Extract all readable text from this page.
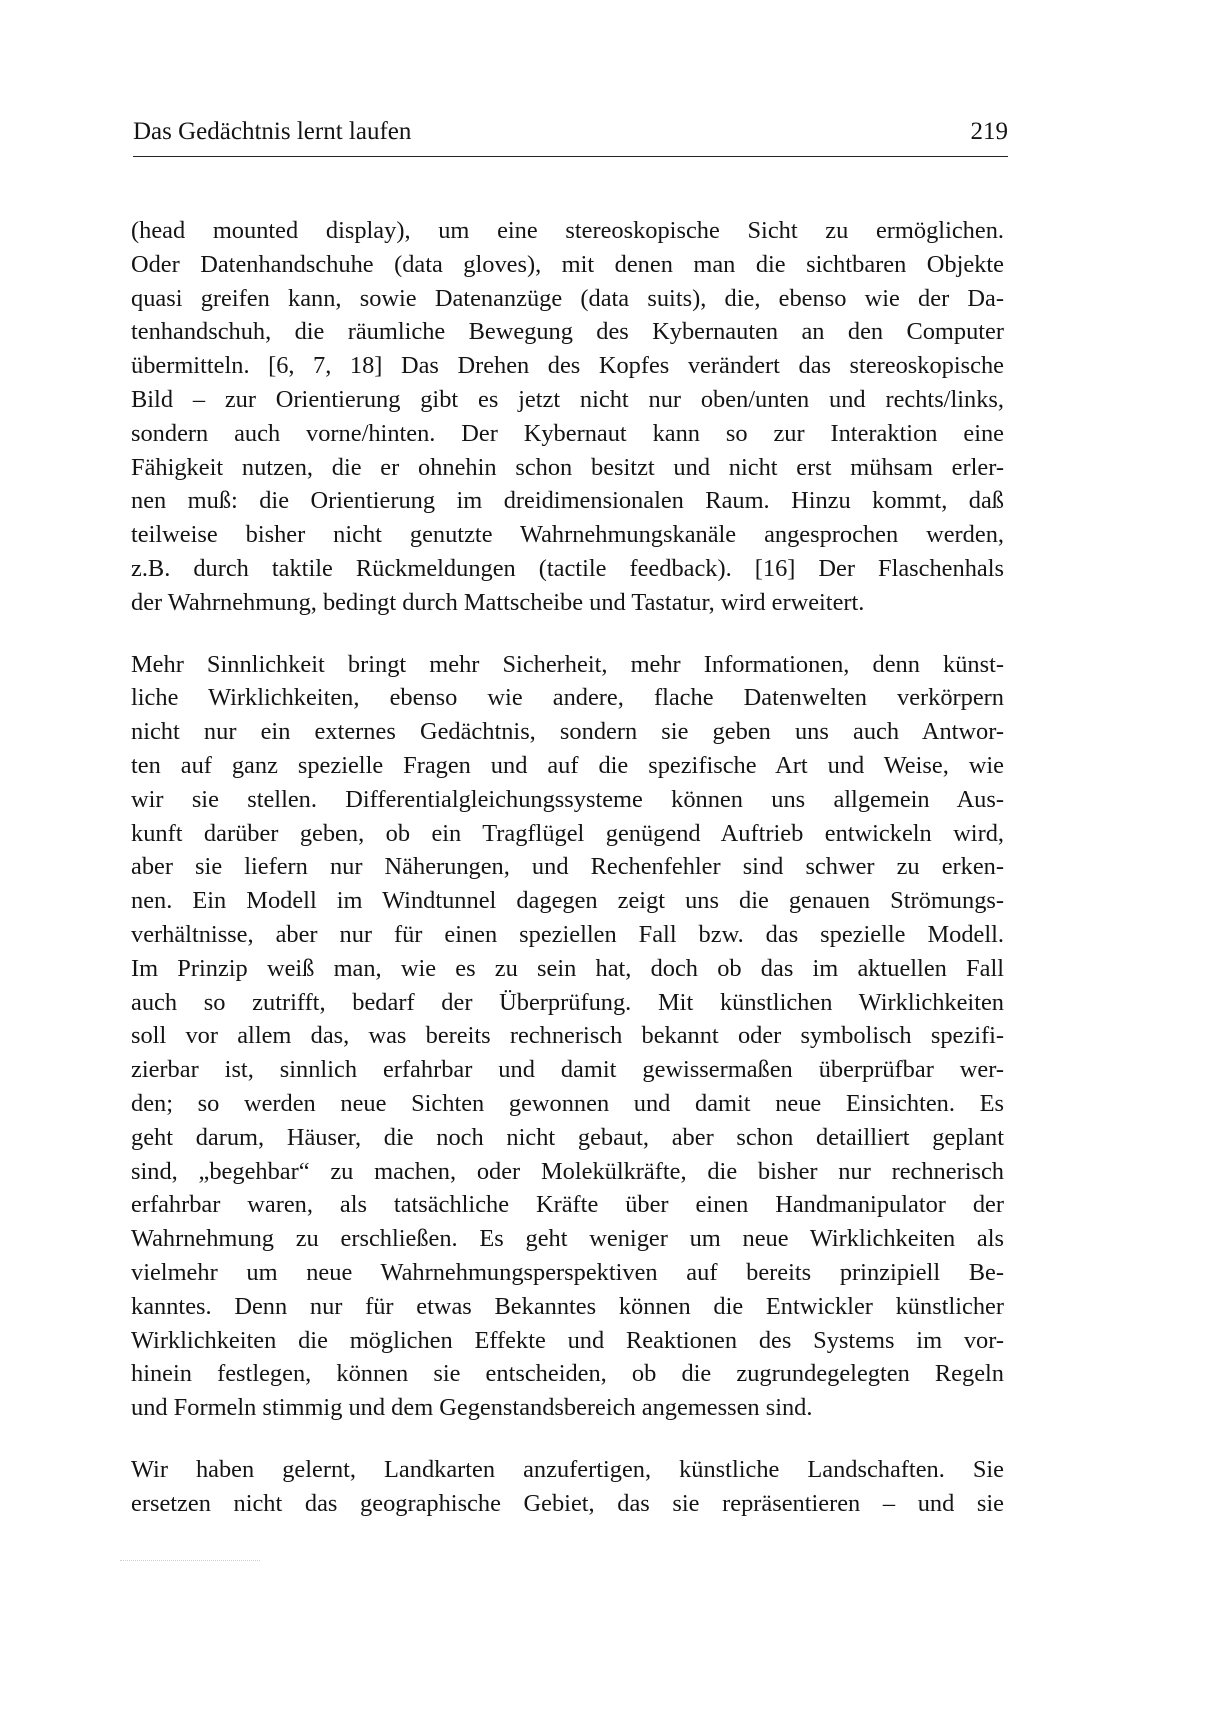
Das Gedächtnis lernt laufen	219
(head mounted display), um eine stereoskopische Sicht zu ermöglichen.
Oder Datenhandschuhe (data gloves), mit denen man die sichtbaren Objekte
quasi greifen kann, sowie Datenanzüge (data suits), die, ebenso wie der Da-
tenhandschuh, die räumliche Bewegung des Kybernauten an den Computer
übermitteln. [6, 7, 18] Das Drehen des Kopfes verändert das stereoskopische
Bild – zur Orientierung gibt es jetzt nicht nur oben/unten und rechts/links,
sondern auch vorne/hinten. Der Kybernaut kann so zur Interaktion eine
Fähigkeit nutzen, die er ohnehin schon besitzt und nicht erst mühsam erler-
nen muß: die Orientierung im dreidimensionalen Raum. Hinzu kommt, daß
teilweise bisher nicht genutzte Wahrnehmungskanäle angesprochen werden,
z.B. durch taktile Rückmeldungen (tactile feedback). [16] Der Flaschenhals
der Wahrnehmung, bedingt durch Mattscheibe und Tastatur, wird erweitert.
Mehr Sinnlichkeit bringt mehr Sicherheit, mehr Informationen, denn künst-
liche Wirklichkeiten, ebenso wie andere, flache Datenwelten verkörpern
nicht nur ein externes Gedächtnis, sondern sie geben uns auch Antwor-
ten auf ganz spezielle Fragen und auf die spezifische Art und Weise, wie
wir sie stellen. Differentialgleichungssysteme können uns allgemein Aus-
kunft darüber geben, ob ein Tragflügel genügend Auftrieb entwickeln wird,
aber sie liefern nur Näherungen, und Rechenfehler sind schwer zu erken-
nen. Ein Modell im Windtunnel dagegen zeigt uns die genauen Strömungs-
verhältnisse, aber nur für einen speziellen Fall bzw. das spezielle Modell.
Im Prinzip weiß man, wie es zu sein hat, doch ob das im aktuellen Fall
auch so zutrifft, bedarf der Überprüfung. Mit künstlichen Wirklichkeiten
soll vor allem das, was bereits rechnerisch bekannt oder symbolisch spezifi-
zierbar ist, sinnlich erfahrbar und damit gewissermaßen überprüfbar wer-
den; so werden neue Sichten gewonnen und damit neue Einsichten. Es
geht darum, Häuser, die noch nicht gebaut, aber schon detailliert geplant
sind, „begehbar“ zu machen, oder Molekülkräfte, die bisher nur rechnerisch
erfahrbar waren, als tatsächliche Kräfte über einen Handmanipulator der
Wahrnehmung zu erschließen. Es geht weniger um neue Wirklichkeiten als
vielmehr um neue Wahrnehmungsperspektiven auf bereits prinzipiell Be-
kanntes. Denn nur für etwas Bekanntes können die Entwickler künstlicher
Wirklichkeiten die möglichen Effekte und Reaktionen des Systems im vor-
hinein festlegen, können sie entscheiden, ob die zugrundegelegten Regeln
und Formeln stimmig und dem Gegenstandsbereich angemessen sind.
Wir haben gelernt, Landkarten anzufertigen, künstliche Landschaften. Sie
ersetzen nicht das geographische Gebiet, das sie repräsentieren – und sie
